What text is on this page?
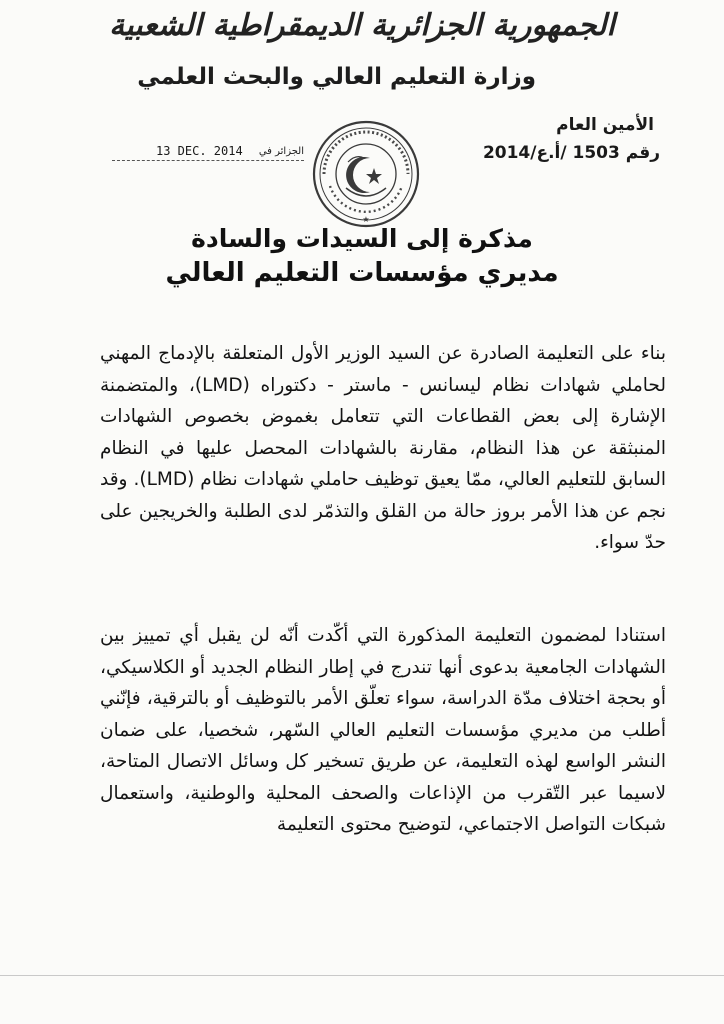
الجمهورية الجزائرية الديمقراطية الشعبية
وزارة التعليم العالي والبحث العلمي
الأمين العام
رقم 1503 /أ.ع/2014
الجزائر في
13 DEC. 2014
★
مذكرة إلى السيدات والسادة
مديري مؤسسات التعليم العالي

بناء على التعليمة الصادرة عن السيد الوزير الأول المتعلقة بالإدماج المهني لحاملي شهادات نظام ليسانس - ماستر - دكتوراه (LMD)، والمتضمنة الإشارة إلى بعض القطاعات التي تتعامل بغموض بخصوص الشهادات المنبثقة عن هذا النظام، مقارنة بالشهادات المحصل عليها في النظام السابق للتعليم العالي، ممّا يعيق توظيف حاملي شهادات نظام (LMD). وقد نجم عن هذا الأمر بروز حالة من القلق والتذمّر لدى الطلبة والخريجين على حدّ سواء.

استنادا لمضمون التعليمة المذكورة التي أكّدت أنّه لن يقبل أي تمييز بين الشهادات الجامعية بدعوى أنها تندرج في إطار النظام الجديد أو الكلاسيكي، أو بحجة اختلاف مدّة الدراسة، سواء تعلّق الأمر بالتوظيف أو بالترقية، فإنّني أطلب من مديري مؤسسات التعليم العالي السّهر، شخصيا، على ضمان النشر الواسع لهذه التعليمة، عن طريق تسخير كل وسائل الاتصال المتاحة، لاسيما عبر التّقرب من الإذاعات والصحف المحلية والوطنية، واستعمال شبكات التواصل الاجتماعي، لتوضيح محتوى التعليمة
